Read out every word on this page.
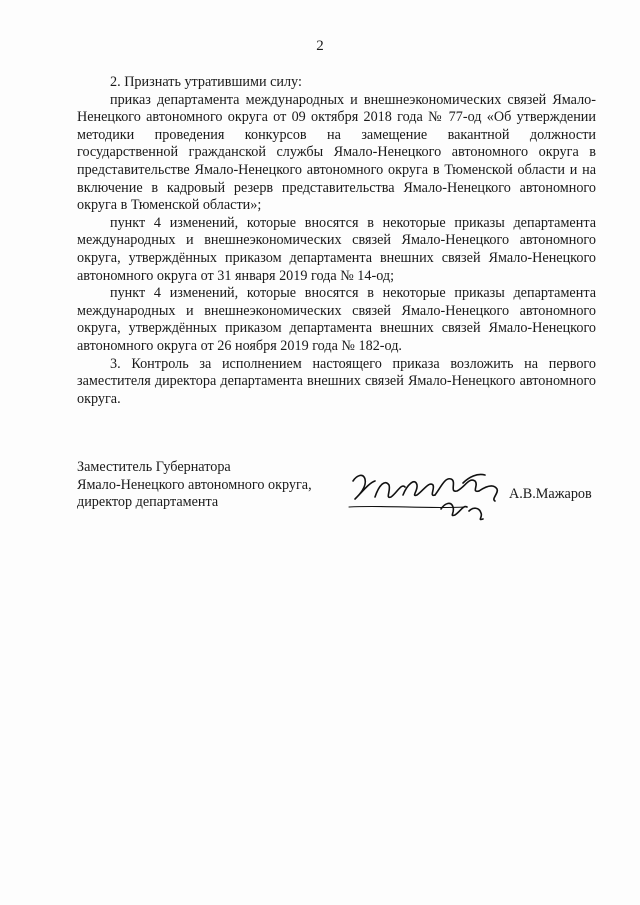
2

2. Признать утратившими силу:

приказ департамента международных и внешнеэкономических связей Ямало-Ненецкого автономного округа от 09 октября 2018 года № 77-од «Об утверждении методики проведения конкурсов на замещение вакантной должности государственной гражданской службы Ямало-Ненецкого автономного округа в представительстве Ямало-Ненецкого автономного округа в Тюменской области и на включение в кадровый резерв представительства Ямало-Ненецкого автономного округа в Тюменской области»;

пункт 4 изменений, которые вносятся в некоторые приказы департамента международных и внешнеэкономических связей Ямало-Ненецкого автономного округа, утверждённых приказом департамента внешних связей Ямало-Ненецкого автономного округа от 31 января 2019 года № 14-од;

пункт 4 изменений, которые вносятся в некоторые приказы департамента международных и внешнеэкономических связей Ямало-Ненецкого автономного округа, утверждённых приказом департамента внешних связей Ямало-Ненецкого автономного округа от 26 ноября 2019 года № 182-од.

3. Контроль за исполнением настоящего приказа возложить на первого заместителя директора департамента внешних связей Ямало-Ненецкого автономного округа.

Заместитель Губернатора
Ямало-Ненецкого автономного округа,
директор департамента
А.В.Мажаров
